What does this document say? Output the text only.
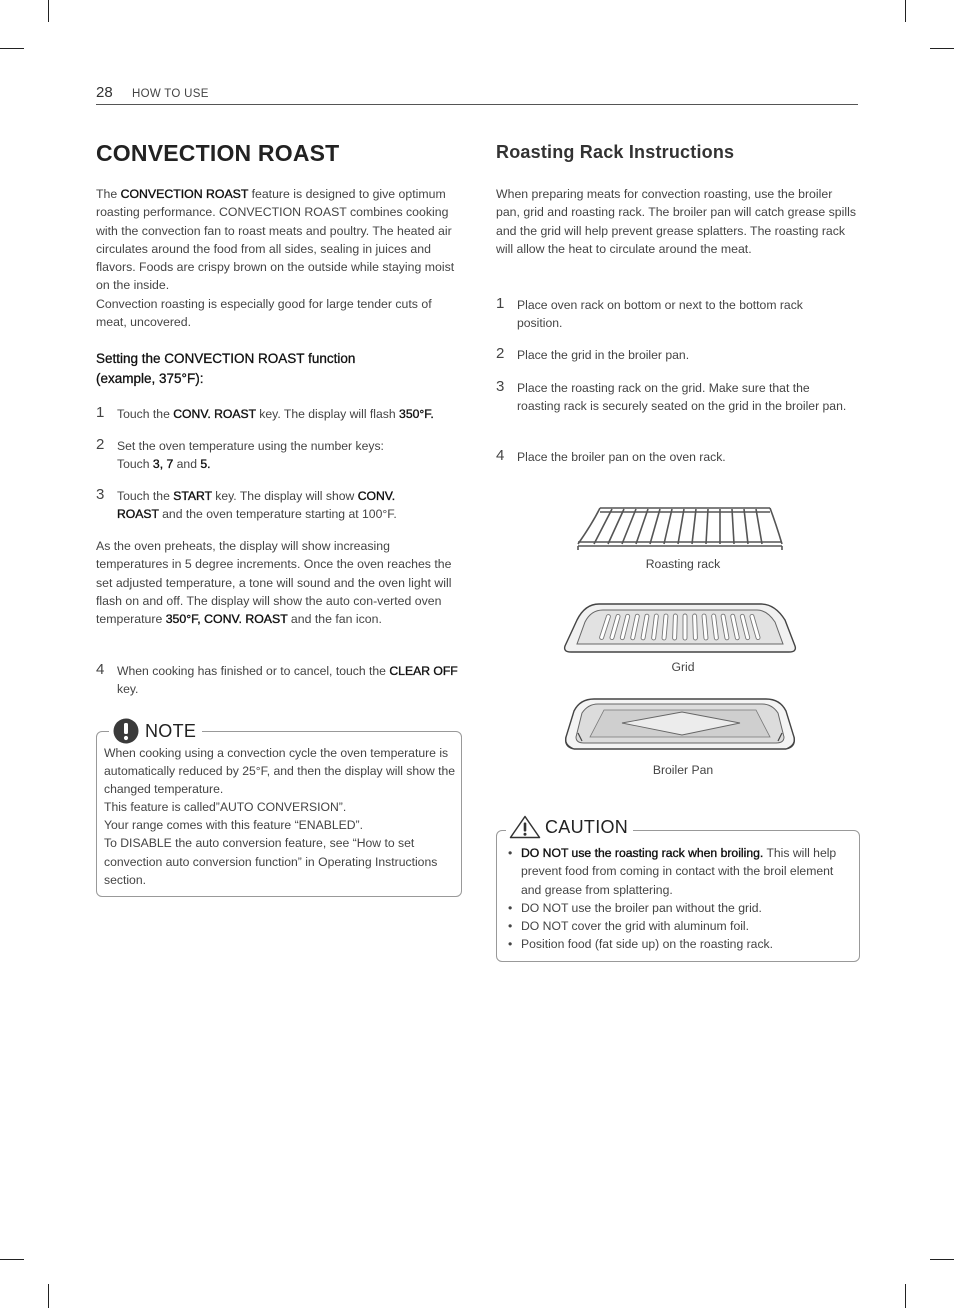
28 HOW TO USE
CONVECTION ROAST
The CONVECTION ROAST feature is designed to give optimum roasting performance. CONVECTION ROAST combines cooking with the convection fan to roast meats and poultry. The heated air circulates around the food from all sides, sealing in juices and flavors. Foods are crispy brown on the outside while staying moist on the inside.
Convection roasting is especially good for large tender cuts of meat, uncovered.
Setting the CONVECTION ROAST function
(example, 375°F):
1 Touch the CONV. ROAST key. The display will flash 350°F.
2 Set the oven temperature using the number keys:
Touch 3, 7 and 5.
3 Touch the START key. The display will show CONV. ROAST and the oven temperature starting at 100°F.
As the oven preheats, the display will show increasing temperatures in 5 degree increments. Once the oven reaches the set adjusted temperature, a tone will sound and the oven light will flash on and off. The display will show the auto con-verted oven temperature 350°F, CONV. ROAST and the fan icon.
4 When cooking has finished or to cancel, touch the CLEAR OFF key.
NOTE
When cooking using a convection cycle the oven temperature is automatically reduced by 25°F, and then the display will show the changed temperature.
This feature is called”AUTO CONVERSION”.
Your range comes with this feature “ENABLED”.
To DISABLE the auto conversion feature, see “How to set convection auto conversion function” in Operating Instructions section.
Roasting Rack Instructions
When preparing meats for convection roasting, use the broiler pan, grid and roasting rack. The broiler pan will catch grease spills and the grid will help prevent grease splatters. The roasting rack will allow the heat to circulate around the meat.
1 Place oven rack on bottom or next to the bottom rack position.
2 Place the grid in the broiler pan.
3 Place the roasting rack on the grid. Make sure that the roasting rack is securely seated on the grid in the broiler pan.
4 Place the broiler pan on the oven rack.
Roasting rack
Grid
Broiler Pan
CAUTION
• DO NOT use the roasting rack when broiling. This will help prevent food from coming in contact with the broil element and grease from splattering.
• DO NOT use the broiler pan without the grid.
• DO NOT cover the grid with aluminum foil.
• Position food (fat side up) on the roasting rack.
